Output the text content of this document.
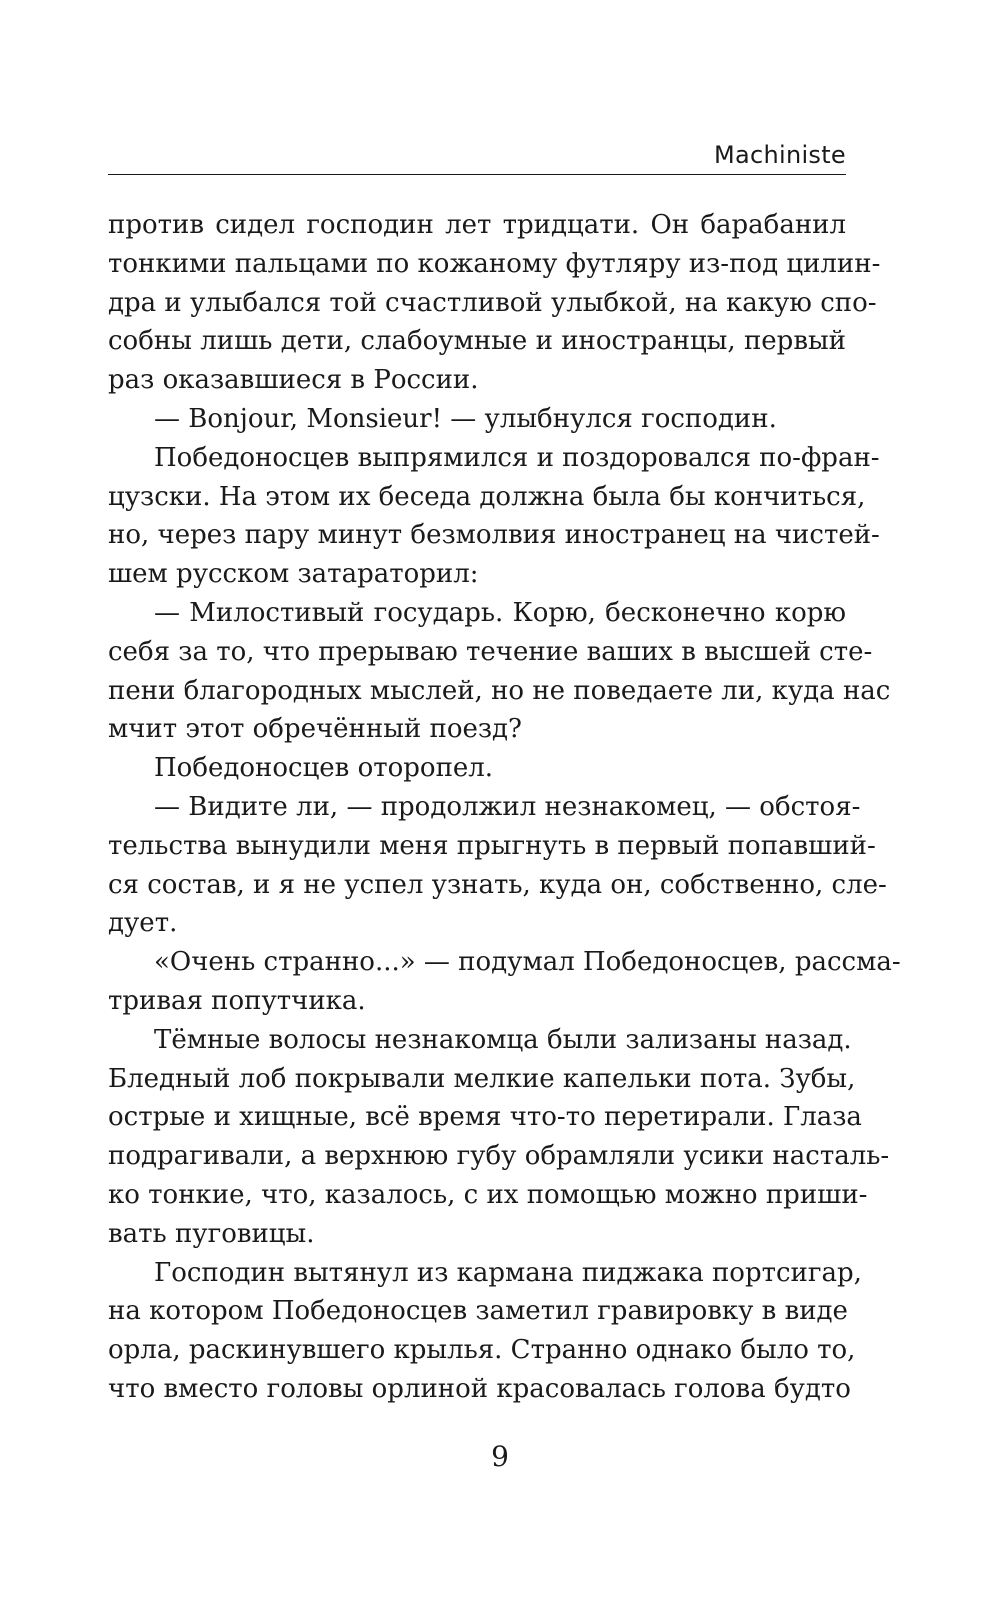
Machiniste
против сидел господин лет тридцати. Он барабанил
тонкими пальцами по кожаному футляру из-под цилин-
дра и улыбался той счастливой улыбкой, на какую спо-
собны лишь дети, слабоумные и иностранцы, первый
раз оказавшиеся в России.
— Bonjour, Monsieur! — улыбнулся господин.
Победоносцев выпрямился и поздоровался по-фран-
цузски. На этом их беседа должна была бы кончиться,
но, через пару минут безмолвия иностранец на чистей-
шем русском затараторил:
— Милостивый государь. Корю, бесконечно корю
себя за то, что прерываю течение ваших в высшей сте-
пени благородных мыслей, но не поведаете ли, куда нас
мчит этот обречённый поезд?
Победоносцев оторопел.
— Видите ли, — продолжил незнакомец, — обстоя-
тельства вынудили меня прыгнуть в первый попавший-
ся состав, и я не успел узнать, куда он, собственно, сле-
дует.
«Очень странно...» — подумал Победоносцев, рассма-
тривая попутчика.
Тёмные волосы незнакомца были зализаны назад.
Бледный лоб покрывали мелкие капельки пота. Зубы,
острые и хищные, всё время что-то перетирали. Глаза
подрагивали, а верхнюю губу обрамляли усики насталь-
ко тонкие, что, казалось, с их помощью можно приши-
вать пуговицы.
Господин вытянул из кармана пиджака портсигар,
на котором Победоносцев заметил гравировку в виде
орла, раскинувшего крылья. Странно однако было то,
что вместо головы орлиной красовалась голова будто
9
